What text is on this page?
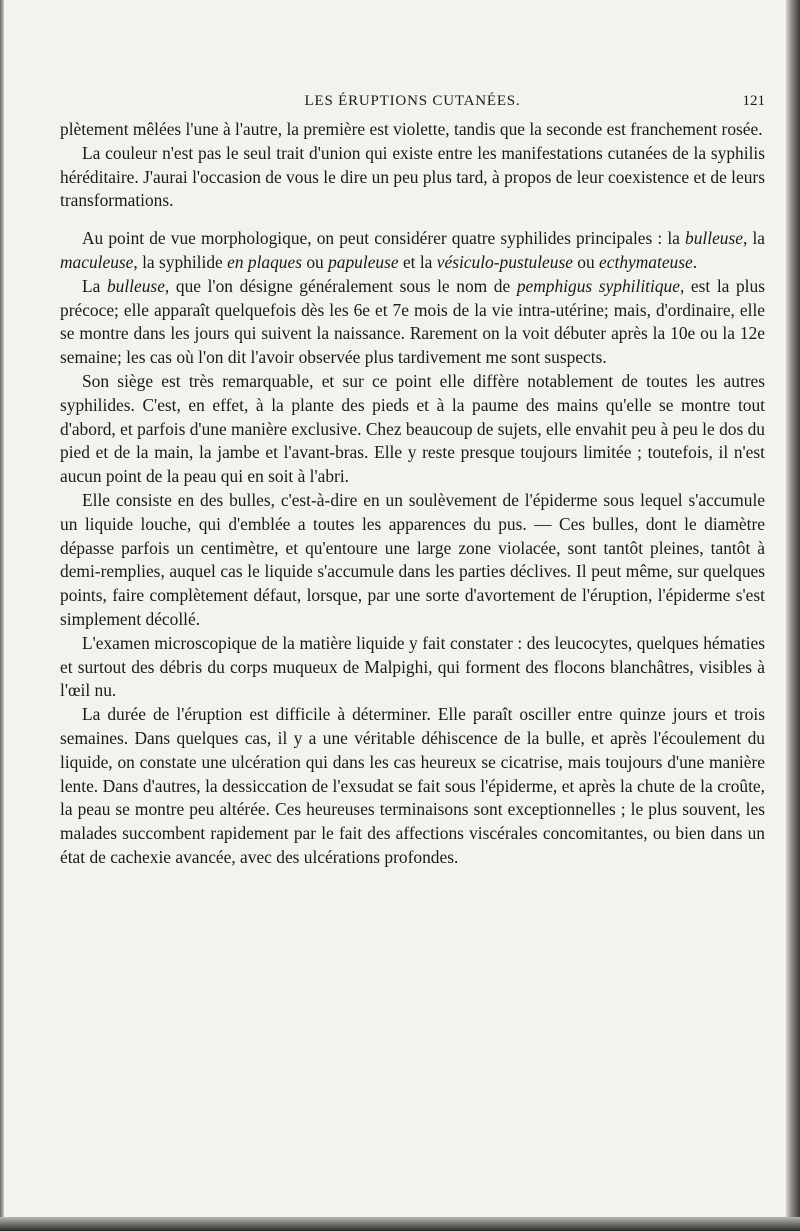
LES ÉRUPTIONS CUTANÉES.	121

plètement mêlées l'une à l'autre, la première est violette, tandis que la seconde est franchement rosée.

La couleur n'est pas le seul trait d'union qui existe entre les manifestations cutanées de la syphilis héréditaire. J'aurai l'occasion de vous le dire un peu plus tard, à propos de leur coexistence et de leurs transformations.

Au point de vue morphologique, on peut considérer quatre syphilides principales : la bulleuse, la maculeuse, la syphilide en plaques ou papuleuse et la vésiculo-pustuleuse ou ecthymateuse.

La bulleuse, que l'on désigne généralement sous le nom de pemphigus syphilitique, est la plus précoce; elle apparaît quelquefois dès les 6e et 7e mois de la vie intra-utérine; mais, d'ordinaire, elle se montre dans les jours qui suivent la naissance. Rarement on la voit débuter après la 10e ou la 12e semaine; les cas où l'on dit l'avoir observée plus tardivement me sont suspects.

Son siège est très remarquable, et sur ce point elle diffère notablement de toutes les autres syphilides. C'est, en effet, à la plante des pieds et à la paume des mains qu'elle se montre tout d'abord, et parfois d'une manière exclusive. Chez beaucoup de sujets, elle envahit peu à peu le dos du pied et de la main, la jambe et l'avant-bras. Elle y reste presque toujours limitée ; toutefois, il n'est aucun point de la peau qui en soit à l'abri.

Elle consiste en des bulles, c'est-à-dire en un soulèvement de l'épiderme sous lequel s'accumule un liquide louche, qui d'emblée a toutes les apparences du pus. — Ces bulles, dont le diamètre dépasse parfois un centimètre, et qu'entoure une large zone violacée, sont tantôt pleines, tantôt à demi-remplies, auquel cas le liquide s'accumule dans les parties déclives. Il peut même, sur quelques points, faire complètement défaut, lorsque, par une sorte d'avortement de l'éruption, l'épiderme s'est simplement décollé.

L'examen microscopique de la matière liquide y fait constater : des leucocytes, quelques hématies et surtout des débris du corps muqueux de Malpighi, qui forment des flocons blanchâtres, visibles à l'œil nu.

La durée de l'éruption est difficile à déterminer. Elle paraît osciller entre quinze jours et trois semaines. Dans quelques cas, il y a une véritable déhiscence de la bulle, et après l'écoulement du liquide, on constate une ulcération qui dans les cas heureux se cicatrise, mais toujours d'une manière lente. Dans d'autres, la dessiccation de l'exsudat se fait sous l'épiderme, et après la chute de la croûte, la peau se montre peu altérée. Ces heureuses terminaisons sont exceptionnelles ; le plus souvent, les malades succombent rapidement par le fait des affections viscérales concomitantes, ou bien dans un état de cachexie avancée, avec des ulcérations profondes.
